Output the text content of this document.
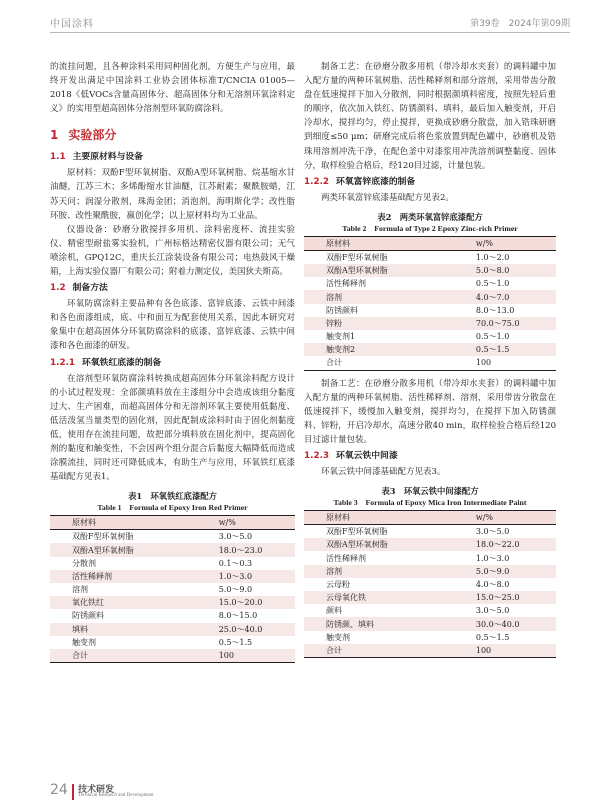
中国涂料	第39卷　2024年第09期

的流挂问题，且各种涂料采用同种固化剂，方便生产与应用，最终开发出满足中国涂料工业协会团体标准T/CNCIA 01005—2018《低VOCs含量高固体分、超高固体分和无溶剂环氧涂料定义》的实用型超高固体分溶剂型环氧防腐涂料。

1 实验部分
1.1 主要原材料与设备

原材料：双酚F型环氧树脂、双酚A型环氧树脂、烷基缩水甘油醚，江苏三木；多烯酚缩水甘油醚，江苏耐素；聚酰胺蜡，江苏天问；润湿分散剂，珠海金团；消泡剂，海明斯化学；改性脂环胺、改性聚酰胺，嬴创化学；以上原材料均为工业品。

仪器设备：砂磨分散搅拌多用机、涂料密度杯、流挂实验仪、精密型耐盐雾实验机，广州标格达精密仪器有限公司；无气喷涂机，GPQ12C，重庆长江涂装设备有限公司；电热鼓风干燥箱，上海实验仪器厂有限公司；附着力测定仪，美国狄夫斯高。

1.2 制备方法

环氧防腐涂料主要品种有各色底漆、富锌底漆、云铁中间漆和各色面漆组成，底、中和面互为配套使用关系，因此本研究对象集中在超高固体分环氧防腐涂料的底漆、富锌底漆、云铁中间漆和各色面漆的研发。

1.2.1 环氧铁红底漆的制备

在溶剂型环氧防腐涂料转换成超高固体分环氧涂料配方设计的小试过程发现：全部颜填料放在主漆组分中会造成该组分黏度过大、生产困难，而超高固体分和无溶剂环氧主要使用低黏度、低活泼氢当量类型的固化剂，因此配制成涂料时由于固化剂黏度低，使用存在流挂问题，故把部分填料放在固化剂中，提高固化剂的黏度和触变性，不会因两个组分混合后黏度大幅降低而造成涂膜流挂，同时还可降低成本，有助生产与应用，环氧铁红底漆基础配方见表1。

表1　环氧铁红底漆配方
Table 1　Formula of Epoxy Iron Red Primer
原材料	w/%
双酚F型环氧树脂	3.0～5.0
双酚A型环氧树脂	18.0～23.0
分散剂	0.1～0.3
活性稀释剂	1.0～3.0
溶剂	5.0～9.0
氧化铁红	15.0～20.0
防锈颜料	8.0～15.0
填料	25.0～40.0
触变剂	0.5～1.5
合计	100

制备工艺：在砂磨分散多用机（带冷却水夹套）的调料罐中加入配方量的两种环氧树脂、活性稀释剂和部分溶剂，采用带齿分散盘在低速搅拌下加入分散剂，同时根据颜填料密度，按照先轻后重的顺序，依次加入铁红、防锈颜料、填料，最后加入触变剂，开启冷却水，搅拌均匀，停止搅拌，更换成砂磨分散盘，加入锆珠研磨到细度≤50 μm；研磨完成后将色浆放置到配色罐中，砂磨机及锆珠用溶剂冲洗干净，在配色釜中对漆浆用冲洗溶剂调整黏度、固体分，取样检验合格后，经120目过滤，计量包装。

1.2.2 环氧富锌底漆的制备

两类环氧富锌底漆基础配方见表2。

表2　两类环氧富锌底漆配方
Table 2　Formula of Type 2 Epoxy Zinc-rich Primer
原材料	w/%
双酚F型环氧树脂	1.0～2.0
双酚A型环氧树脂	5.0～8.0
活性稀释剂	0.5～1.0
溶剂	4.0～7.0
防锈颜料	8.0～13.0
锌粉	70.0～75.0
触变剂1	0.5～1.0
触变剂2	0.5～1.5
合计	100

制备工艺：在砂磨分散多用机（带冷却水夹套）的调料罐中加入配方量的两种环氧树脂、活性稀释剂、溶剂，采用带齿分散盘在低速搅拌下，缓慢加入触变剂，搅拌均匀，在搅拌下加入防锈颜料、锌粉，开启冷却水，高速分散40 min，取样检验合格后经120目过滤计量包装。

1.2.3 环氧云铁中间漆

环氧云铁中间漆基础配方见表3。

表3　环氧云铁中间漆配方
Table 3　Formula of Epoxy Mica Iron Intermediate Paint
原材料	w/%
双酚F型环氧树脂	3.0～5.0
双酚A型环氧树脂	18.0～22.0
活性稀释剂	1.0～3.0
溶剂	5.0～9.0
云母粉	4.0～8.0
云母氧化铁	15.0～25.0
颜料	3.0～5.0
防锈颜、填料	30.0～40.0
触变剂	0.5～1.5
合计	100
24 技术研发
Technical Research and Development
